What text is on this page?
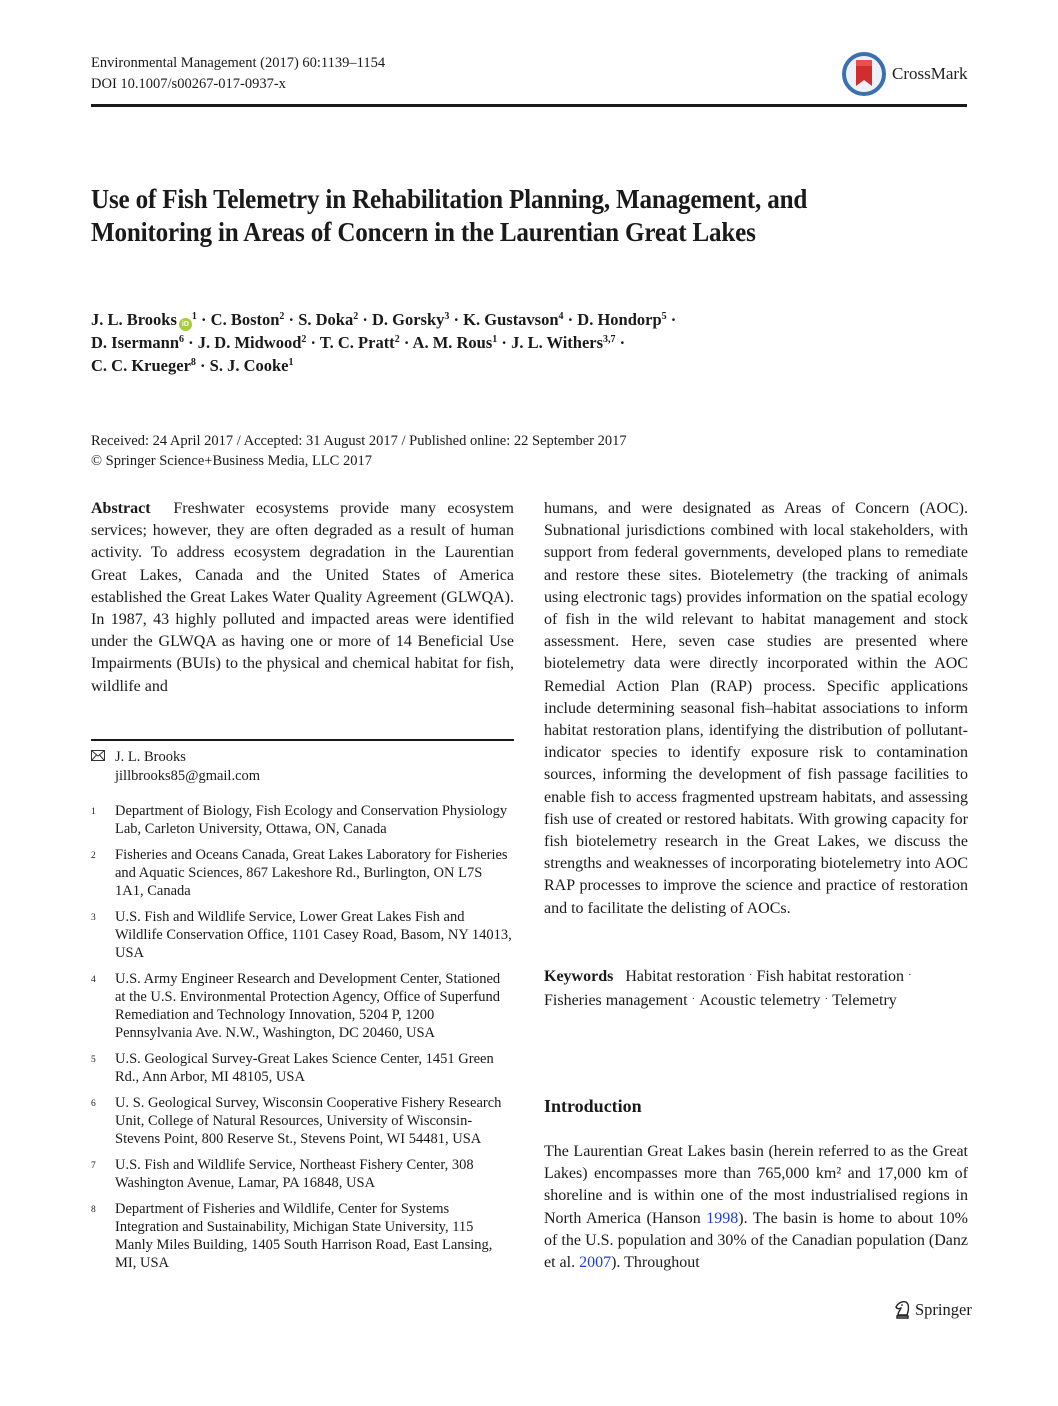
Environmental Management (2017) 60:1139–1154
DOI 10.1007/s00267-017-0937-x
CrossMark
Use of Fish Telemetry in Rehabilitation Planning, Management, and Monitoring in Areas of Concern in the Laurentian Great Lakes
J. L. Brooks $iD^1 \cdot C$. Boston$^2$ · S. Doka$^2$ · D. Gorsky$^3$ · K. Gustavson$^4$ · D. Hondorp$^5$ ·
D. Isermann$^6$ · J. D. Midwood$^2$ · T. C. Pratt$^2$ · A. M. Rous$^1$ · J. L. Withers$^{3,7}$ ·
C. C. Krueger$^8$ · S. J. Cooke$^1$
Received: 24 April 2017 / Accepted: 31 August 2017 / Published online: 22 September 2017
© Springer Science+Business Media, LLC 2017
Abstract Freshwater ecosystems provide many ecosystem services; however, they are often degraded as a result of human activity. To address ecosystem degradation in the Laurentian Great Lakes, Canada and the United States of America established the Great Lakes Water Quality Agreement (GLWQA). In 1987, 43 highly polluted and impacted areas were identified under the GLWQA as having one or more of 14 Beneficial Use Impairments (BUIs) to the physical and chemical habitat for fish, wildlife and
J. L. Brooks
jillbrooks85@gmail.com
1	Department of Biology, Fish Ecology and Conservation Physiology Lab, Carleton University, Ottawa, ON, Canada
2	Fisheries and Oceans Canada, Great Lakes Laboratory for Fisheries and Aquatic Sciences, 867 Lakeshore Rd., Burlington, ON L7S 1A1, Canada
3	U.S. Fish and Wildlife Service, Lower Great Lakes Fish and Wildlife Conservation Office, 1101 Casey Road, Basom, NY 14013, USA
4	U.S. Army Engineer Research and Development Center, Stationed at the U.S. Environmental Protection Agency, Office of Superfund Remediation and Technology Innovation, 5204 P, 1200 Pennsylvania Ave. N.W., Washington, DC 20460, USA
5	U.S. Geological Survey-Great Lakes Science Center, 1451 Green Rd., Ann Arbor, MI 48105, USA
6	U. S. Geological Survey, Wisconsin Cooperative Fishery Research Unit, College of Natural Resources, University of Wisconsin-Stevens Point, 800 Reserve St., Stevens Point, WI 54481, USA
7	U.S. Fish and Wildlife Service, Northeast Fishery Center, 308 Washington Avenue, Lamar, PA 16848, USA
8	Department of Fisheries and Wildlife, Center for Systems Integration and Sustainability, Michigan State University, 115 Manly Miles Building, 1405 South Harrison Road, East Lansing, MI, USA
humans, and were designated as Areas of Concern (AOC). Subnational jurisdictions combined with local stakeholders, with support from federal governments, developed plans to remediate and restore these sites. Biotelemetry (the tracking of animals using electronic tags) provides information on the spatial ecology of fish in the wild relevant to habitat management and stock assessment. Here, seven case studies are presented where biotelemetry data were directly incorporated within the AOC Remedial Action Plan (RAP) process. Specific applications include determining seasonal fish–habitat associations to inform habitat restoration plans, identifying the distribution of pollutant-indicator species to identify exposure risk to contamination sources, informing the development of fish passage facilities to enable fish to access fragmented upstream habitats, and assessing fish use of created or restored habitats. With growing capacity for fish biotelemetry research in the Great Lakes, we discuss the strengths and weaknesses of incorporating biotelemetry into AOC RAP processes to improve the science and practice of restoration and to facilitate the delisting of AOCs.
Keywords Habitat restoration · Fish habitat restoration ·
Fisheries management · Acoustic telemetry · Telemetry
Introduction
The Laurentian Great Lakes basin (herein referred to as the Great Lakes) encompasses more than 765,000 km² and 17,000 km of shoreline and is within one of the most industrialised regions in North America (Hanson 1998). The basin is home to about 10% of the U.S. population and 30% of the Canadian population (Danz et al. 2007). Throughout
Springer
